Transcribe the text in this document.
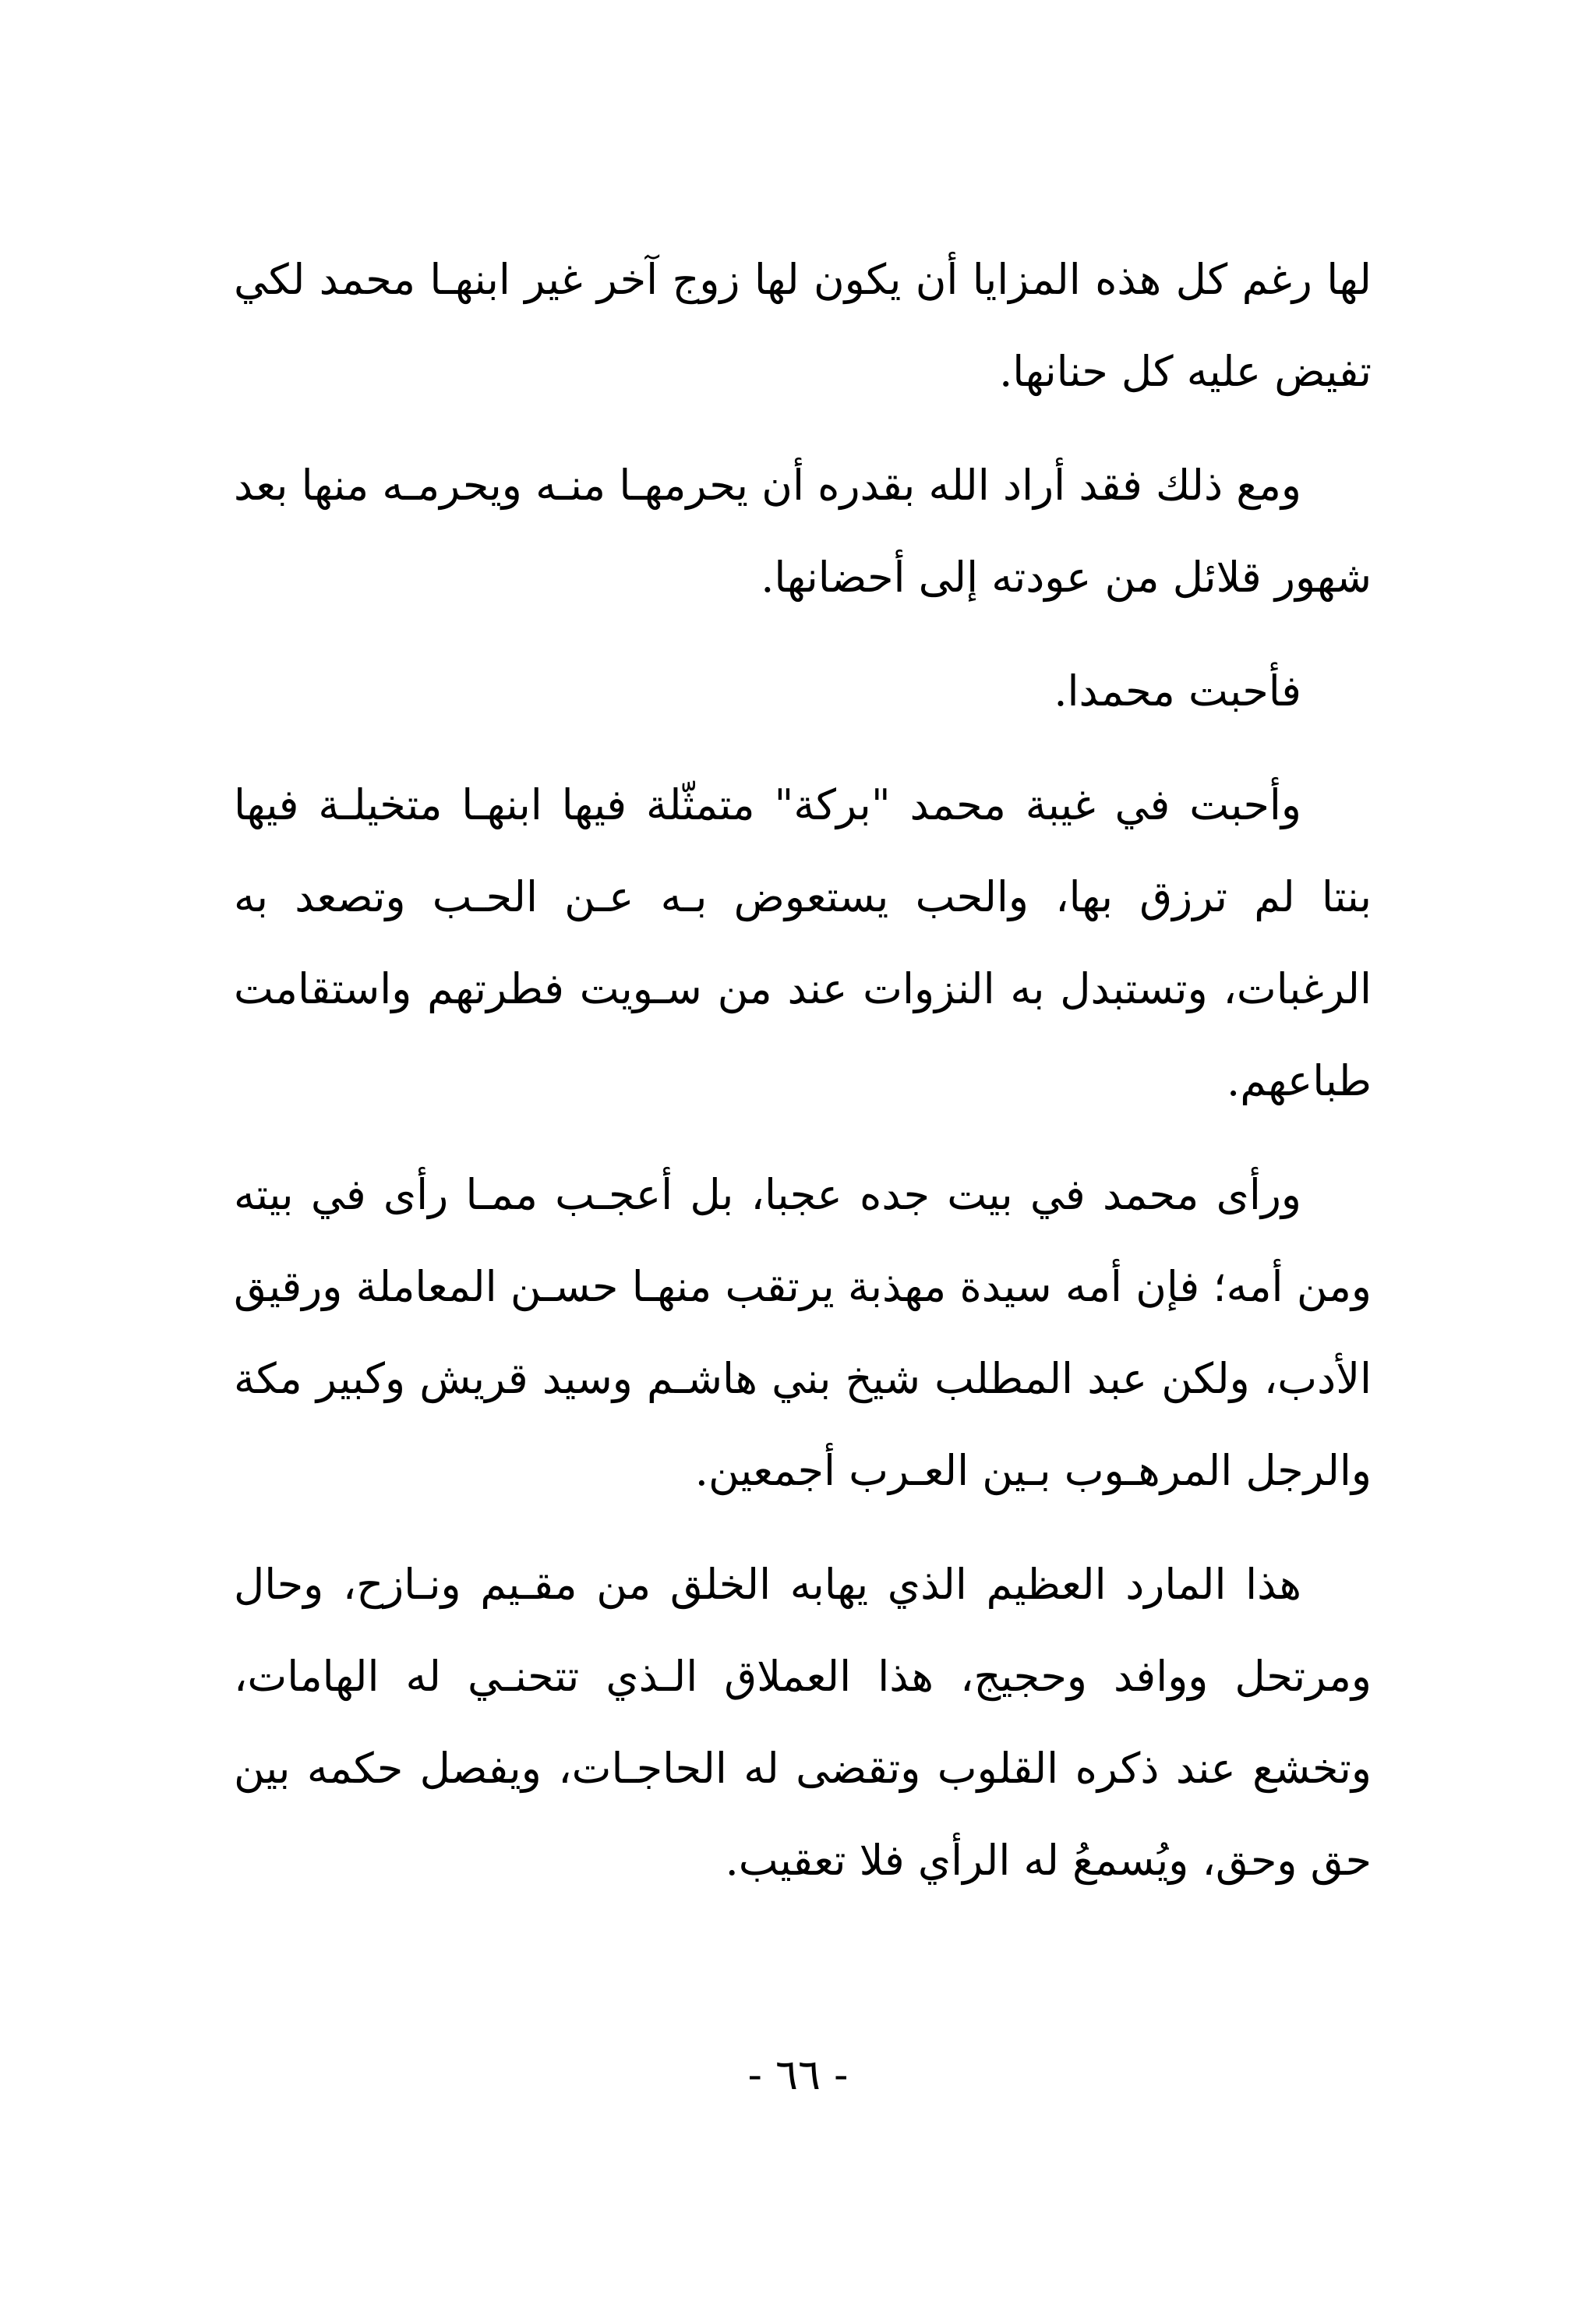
لها رغم كل هذه المزايا أن يكون لها زوج آخر غير ابنهـا محمد لكي تفيض عليه كل حنانها.

ومع ذلك فقد أراد الله بقدره أن يحرمهـا منـه ويحرمـه منها بعد شهور قلائل من عودته إلى أحضانها.

فأحبت محمدا.

وأحبت في غيبة محمد "بركة" متمثّلة فيها ابنهـا متخيلـة فيها بنتا لم ترزق بها، والحب يستعوض بـه عـن الحـب وتصعد به الرغبات، وتستبدل به النزوات عند من سـويت فطرتهم واستقامت طباعهم.

ورأى محمد في بيت جده عجبا، بل أعجـب ممـا رأى في بيته ومن أمه؛ فإن أمه سيدة مهذبة يرتقب منهـا حسـن المعاملة ورقيق الأدب، ولكن عبد المطلب شيخ بني هاشـم وسيد قريش وكبير مكة والرجل المرهـوب بـين العـرب أجمعين.

هذا المارد العظيم الذي يهابه الخلق من مقـيم ونـازح، وحال ومرتحل ووافد وحجيج، هذا العملاق الـذي تتحنـي له الهامات، وتخشع عند ذكره القلوب وتقضى له الحاجـات، ويفصل حكمه بين حق وحق، ويُسمعُ له الرأي فلا تعقيب.

- ٦٦ -
